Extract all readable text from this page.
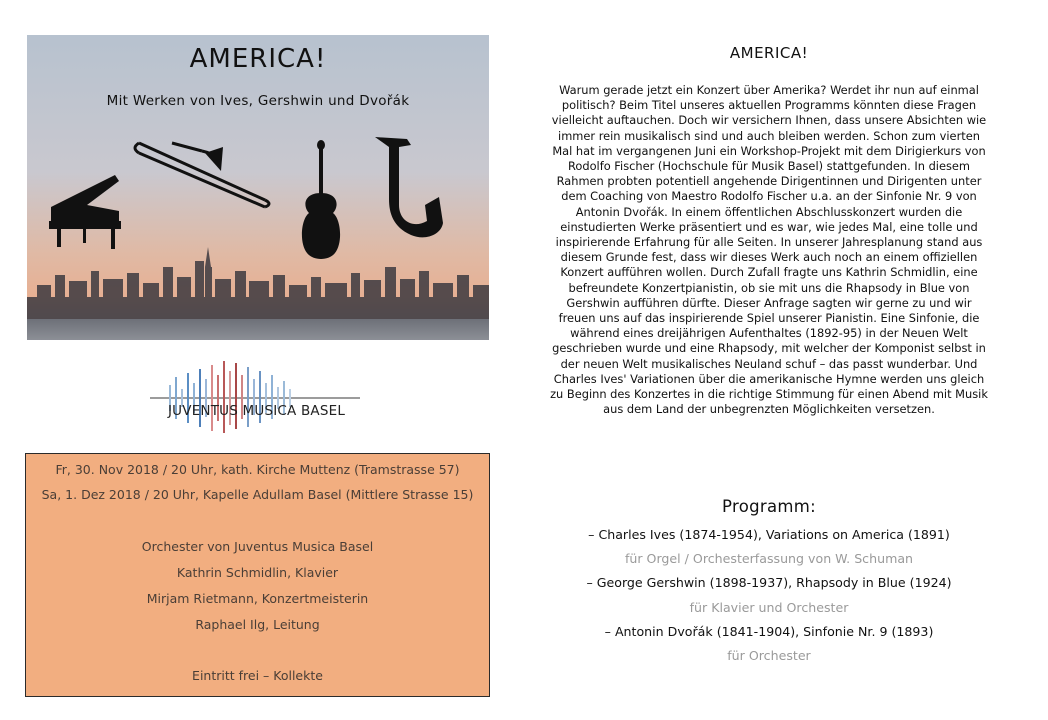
AMERICA!
Mit Werken von Ives, Gershwin und Dvořák
JUVENTUS MUSICA BASEL

Fr, 30. Nov 2018 / 20 Uhr, kath. Kirche Muttenz (Tramstrasse 57)

Sa, 1. Dez 2018 / 20 Uhr, Kapelle Adullam Basel (Mittlere Strasse 15)

Orchester von Juventus Musica Basel

Kathrin Schmidlin, Klavier

Mirjam Rietmann, Konzertmeisterin

Raphael Ilg, Leitung

Eintritt frei – Kollekte

AMERICA!

Warum gerade jetzt ein Konzert über Amerika? Werdet ihr nun auf einmal politisch? Beim Titel unseres aktuellen Programms könnten diese Fragen vielleicht auftauchen. Doch wir versichern Ihnen, dass unsere Absichten wie immer rein musikalisch sind und auch bleiben werden. Schon zum vierten Mal hat im vergangenen Juni ein Workshop-Projekt mit dem Dirigierkurs von Rodolfo Fischer (Hochschule für Musik Basel) stattgefunden. In diesem Rahmen probten potentiell angehende Dirigentinnen und Dirigenten unter dem Coaching von Maestro Rodolfo Fischer u.a. an der Sinfonie Nr. 9 von Antonin Dvořák. In einem öffentlichen Abschlusskonzert wurden die einstudierten Werke präsentiert und es war, wie jedes Mal, eine tolle und inspirierende Erfahrung für alle Seiten. In unserer Jahresplanung stand aus diesem Grunde fest, dass wir dieses Werk auch noch an einem offiziellen Konzert aufführen wollen. Durch Zufall fragte uns Kathrin Schmidlin, eine befreundete Konzertpianistin, ob sie mit uns die Rhapsody in Blue von Gershwin aufführen dürfte. Dieser Anfrage sagten wir gerne zu und wir freuen uns auf das inspirierende Spiel unserer Pianistin. Eine Sinfonie, die während eines dreijährigen Aufenthaltes (1892-95) in der Neuen Welt geschrieben wurde und eine Rhapsody, mit welcher der Komponist selbst in der neuen Welt musikalisches Neuland schuf – das passt wunderbar. Und Charles Ives' Variationen über die amerikanische Hymne werden uns gleich zu Beginn des Konzertes in die richtige Stimmung für einen Abend mit Musik aus dem Land der unbegrenzten Möglichkeiten versetzen.

Programm:
– Charles Ives (1874-1954), Variations on America (1891)
für Orgel / Orchesterfassung von W. Schuman
– George Gershwin (1898-1937), Rhapsody in Blue (1924)
für Klavier und Orchester
– Antonin Dvořák (1841-1904), Sinfonie Nr. 9 (1893)
für Orchester
